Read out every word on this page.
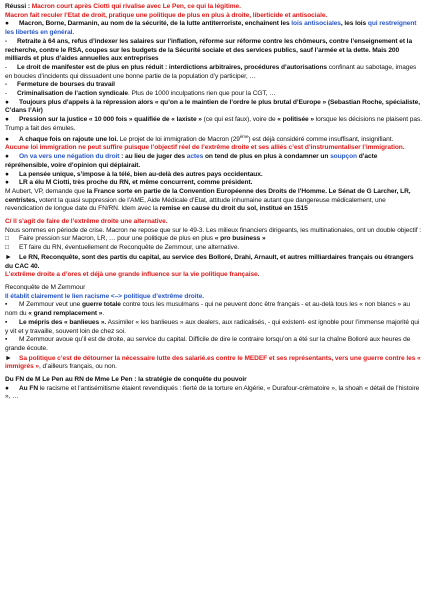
Réussi : Macron court après Ciotti qui rivalise avec Le Pen, ce qui la légitime.
Macron fait reculer l’Etat de droit, pratique une politique de plus en plus à droite, liberticide et antisociale.
● Macron, Borne, Darmanin, au nom de la sécurité, de la lutte antiterroriste, enchaînent les lois antisociales, les lois qui restreignent les libertés en général.
- Retraite à 64 ans, refus d’indexer les salaires sur l’inflation, réforme sur réforme contre les chômeurs, contre l’enseignement et la recherche, contre le RSA, coupes sur les budgets de la Sécurité sociale et des services publics, sauf l’armée et la dette. Mais 200 milliards et plus d’aides annuelles aux entreprises
- Le droit de manifester est de plus en plus réduit : interdictions arbitraires, procédures d’autorisations confinant au sabotage, images en boucles d’incidents qui dissuadent une bonne partie de la population d’y participer, …
- Fermeture de bourses du travail
- Criminalisation de l’action syndicale. Plus de 1000 inculpations rien que pour la CGT, …
● Toujours plus d’appels à la répression alors « qu’on a le maintien de l’ordre le plus brutal d’Europe » (Sebastian Roche, spécialiste, C’dans l’Air)
● Pression sur la justice « 10 000 fois » qualifiée de « laxiste » (ce qui est faux), voire de « politisée » lorsque les décisions ne plaisent pas. Trump a fait des émules.
● A chaque fois on rajoute une loi. Le projet de loi immigration de Macron (29ème) est déjà considéré comme insuffisant, insignifiant.
Aucune loi immigration ne peut suffire puisque l’objectif réel de l’extrême droite et ses alliés c’est d’instrumentaliser l’immigration.
● On va vers une négation du droit : au lieu de juger des actes on tend de plus en plus à condamner un soupçon d’acte répréhensible, voire d’opinion qui déplairait.
● La pensée unique, s’impose à la télé, bien au-delà des autres pays occidentaux.
● LR a élu M Ciotti, très proche du RN, et même concurrent, comme président.
M Aubert, VP, demande que la France sorte en partie de la Convention Européenne des Droits de l’Homme. Le Sénat de G Larcher, LR, centristes, votent la quasi suppression de l’AME, Aide Médicale d’Etat, attitude inhumaine autant que dangereuse médicalement, une revendication de longue date du FN/RN. Idem avec la remise en cause du droit du sol, institué en 1515
C/ Il s’agit de faire de l’extrême droite une alternative.
Nous sommes en période de crise. Macron ne repose que sur le 49-3. Les milieux financiers dirigeants, les multinationales, ont un double objectif :
□ Faire pression sur Macron, LR, … pour une politique de plus en plus « pro business »
□ ET faire du RN, éventuellement de Reconquête de Zemmour, une alternative.
► Le RN, Reconquête, sont des partis du capital, au service des Bolloré, Drahi, Arnault, et autres milliardaires français ou étrangers du CAC 40.
L’extrême droite a d’ores et déjà une grande influence sur la vie politique française.
Reconquête de M Zemmour
Il établit clairement le lien racisme <–> politique d’extrême droite.
▪ M Zemmour veut une guerre totale contre tous les musulmans - qui ne peuvent donc être français - et au-delà tous les « non blancs » au nom du « grand remplacement ».
▪ Le mépris des « banlieues ». Assimiler « les banlieues » aux dealers, aux radicalisés, - qui existent- est ignoble pour l’immense majorité qui y vit et y travaille, souvent loin de chez soi.
▪ M Zemmour avoue qu’il est de droite, au service du capital. Difficile de dire le contraire lorsqu’on a été sur la chaîne Bolloré aux heures de grande écoute.
► Sa politique c’est de détourner la nécessaire lutte des salarié.es contre le MEDEF et ses représentants, vers une guerre contre les « immigrés », d’ailleurs français, ou non.
Du FN de M Le Pen au RN de Mme Le Pen : la stratégie de conquête du pouvoir
● Au FN le racisme et l’antisémitisme étaient revendiqués : fierté de la torture en Algérie, « Durafour-crématoire », la shoah « détail de l’histoire », …
